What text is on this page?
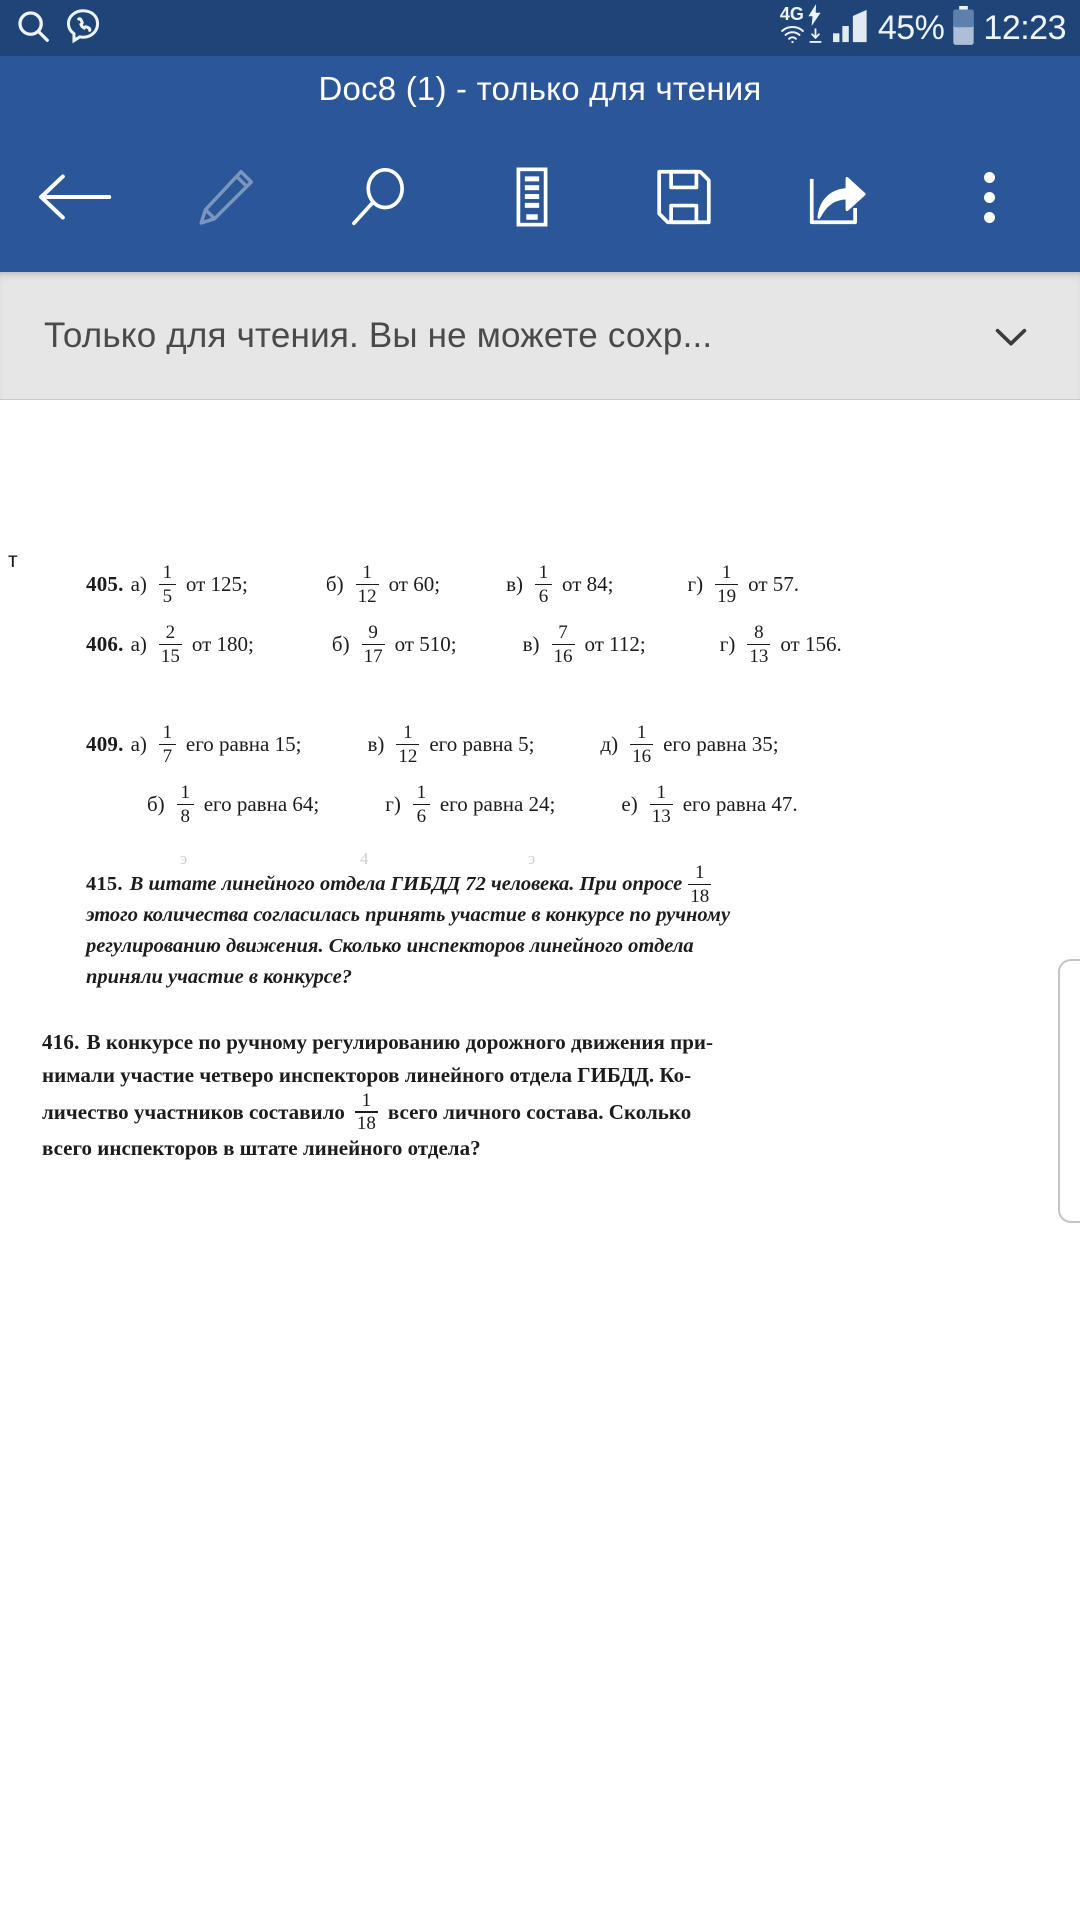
4G 45% 12:23
Doc8 (1) - только для чтения
Только для чтения. Вы не можете сохр...
т
405. $а) \frac{1}{5}$ от 125;	$б) \frac{1}{12}$ от 60;	$в) \frac{1}{6}$ от 84;	$г) \frac{1}{19}$ от 57.
406. $а) \frac{2}{15}$ от 180;	$б) \frac{9}{17}$ от 510;	$в) \frac{7}{16}$ от 112;	$г) \frac{8}{13}$ от 156.
409. $а) \frac{1}{7}$ его равна 15;	$в) \frac{1}{12}$ его равна 5;	$д) \frac{1}{16}$ его равна 35;
$б) \frac{1}{8}$ его равна 64;	$г) \frac{1}{6}$ его равна 24;	$е) \frac{1}{13}$ его равна 47.
э	4	э
415. В штате линейного отдела ГИБДД 72 человека. При опросе $\frac{1}{18}$
этого количества согласилась принять участие в конкурсе по ручному
регулированию движения. Сколько инспекторов линейного отдела
приняли участие в конкурсе?
416. В конкурсе по ручному регулированию дорожного движения при-
нимали участие четверо инспекторов линейного отдела ГИБДД. Ко-
личество участников составило $\frac{1}{18}$ всего личного состава. Сколько
всего инспекторов в штате линейного отдела?
